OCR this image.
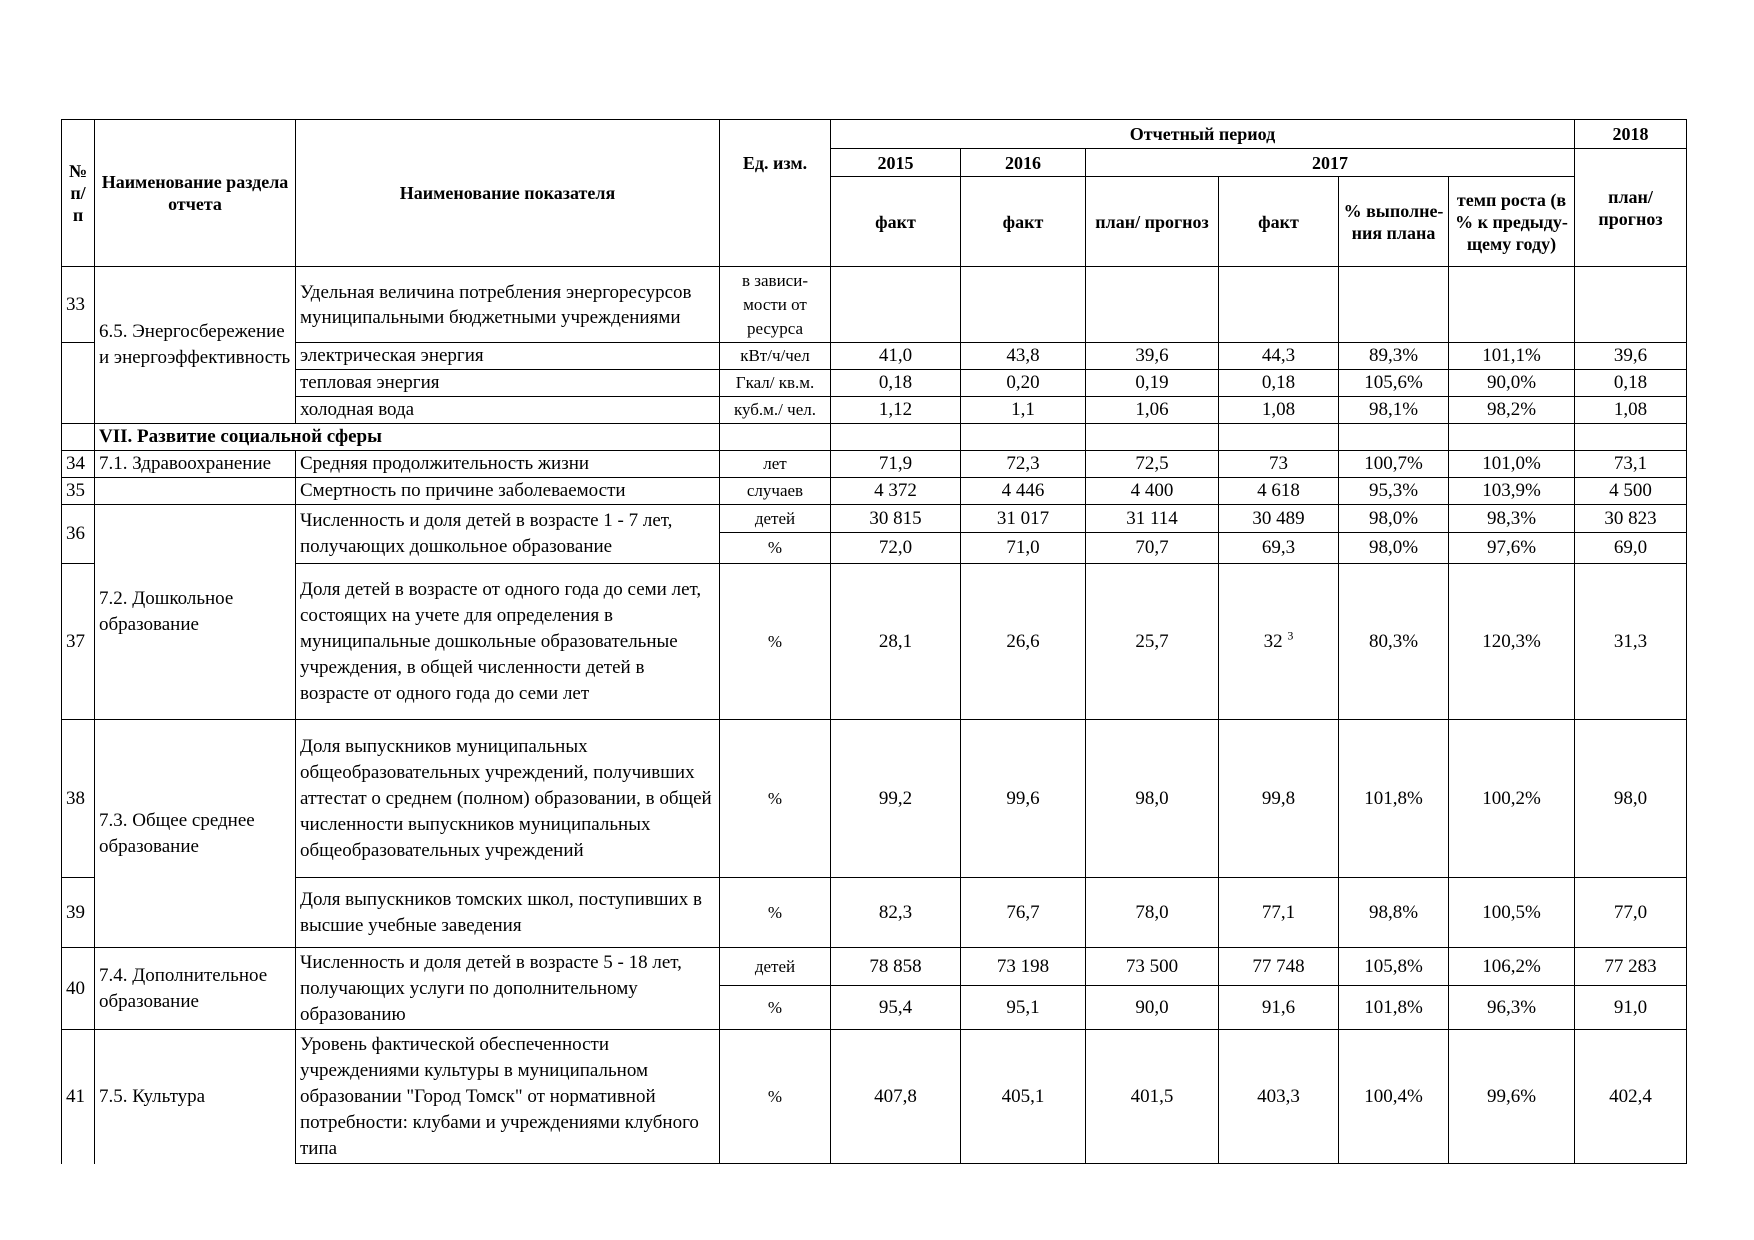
№ п/п	Наименование раздела отчета	Наименование показателя	Ед. изм.	Отчетный период						2018
				2015	2016	2017				план/ прогноз
				факт	факт	план/ прогноз	факт	% выполне-ния плана	темп роста (в % к предыду-щему году)	
33	6.5. Энергосбережение и энергоэффективность	Удельная величина потребления энергоресурсов муниципальными бюджетными учреждениями	в зависи-мости от ресурса							
		электрическая энергия	кВт/ч/чел	41,0	43,8	39,6	44,3	89,3%	101,1%	39,6
		тепловая энергия	Гкал/ кв.м.	0,18	0,20	0,19	0,18	105,6%	90,0%	0,18
		холодная вода	куб.м./ чел.	1,12	1,1	1,06	1,08	98,1%	98,2%	1,08
	VII. Развитие социальной сферы									
34	7.1. Здравоохранение	Средняя продолжительность жизни	лет	71,9	72,3	72,5	73	100,7%	101,0%	73,1
35		Смертность по причине заболеваемости	случаев	4 372	4 446	4 400	4 618	95,3%	103,9%	4 500
36	7.2. Дошкольное образование	Численность и доля детей в возрасте 1 - 7 лет, получающих дошкольное образование	детей	30 815	31 017	31 114	30 489	98,0%	98,3%	30 823
			%	72,0	71,0	70,7	69,3	98,0%	97,6%	69,0
37		Доля детей в возрасте от одного года до семи лет, состоящих на учете для определения в муниципальные дошкольные образовательные учреждения, в общей численности детей в возрасте от одного года до семи лет	%	28,1	26,6	25,7	32 $^3$	80,3%	120,3%	31,3
38	7.3. Общее среднее образование	Доля выпускников муниципальных общеобразовательных учреждений, получивших аттестат о среднем (полном) образовании, в общей численности выпускников муниципальных общеобразовательных учреждений	%	99,2	99,6	98,0	99,8	101,8%	100,2%	98,0
39		Доля выпускников томских школ, поступивших в высшие учебные заведения	%	82,3	76,7	78,0	77,1	98,8%	100,5%	77,0
40	7.4. Дополнительное образование	Численность и доля детей в возрасте 5 - 18 лет, получающих услуги по дополнительному образованию	детей	78 858	73 198	73 500	77 748	105,8%	106,2%	77 283
			%	95,4	95,1	90,0	91,6	101,8%	96,3%	91,0
41	7.5. Культура	Уровень фактической обеспеченности учреждениями культуры в муниципальном образовании "Город Томск" от нормативной потребности: клубами и учреждениями клубного типа	%	407,8	405,1	401,5	403,3	100,4%	99,6%	402,4
